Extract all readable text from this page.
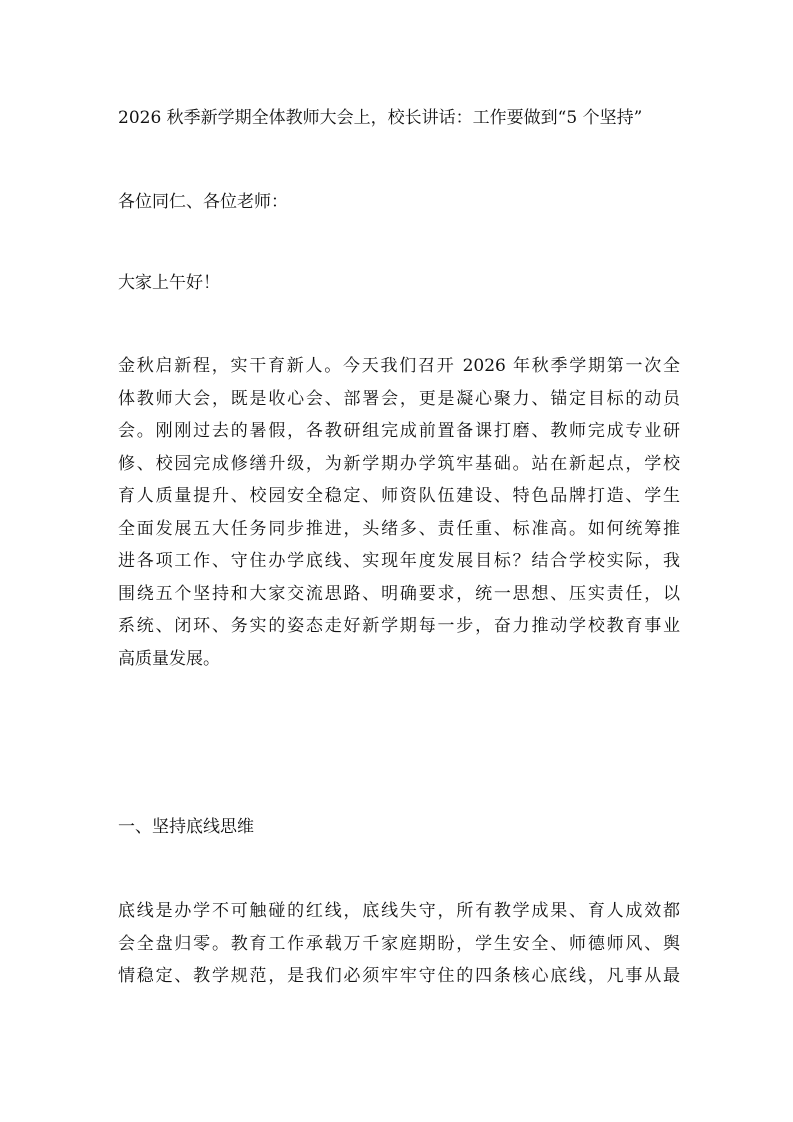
2026 秋季新学期全体教师大会上，校长讲话：工作要做到“5 个坚持”

各位同仁、各位老师：

大家上午好！

金秋启新程，实干育新人。今天我们召开 2026 年秋季学期第一次全
体教师大会，既是收心会、部署会，更是凝心聚力、锚定目标的动员
会。刚刚过去的暑假，各教研组完成前置备课打磨、教师完成专业研
修、校园完成修缮升级，为新学期办学筑牢基础。站在新起点，学校
育人质量提升、校园安全稳定、师资队伍建设、特色品牌打造、学生
全面发展五大任务同步推进，头绪多、责任重、标准高。如何统筹推
进各项工作、守住办学底线、实现年度发展目标？结合学校实际，我
围绕五个坚持和大家交流思路、明确要求，统一思想、压实责任，以
系统、闭环、务实的姿态走好新学期每一步，奋力推动学校教育事业
高质量发展。

一、坚持底线思维

底线是办学不可触碰的红线，底线失守，所有教学成果、育人成效都
会全盘归零。教育工作承载万千家庭期盼，学生安全、师德师风、舆
情稳定、教学规范，是我们必须牢牢守住的四条核心底线，凡事从最
